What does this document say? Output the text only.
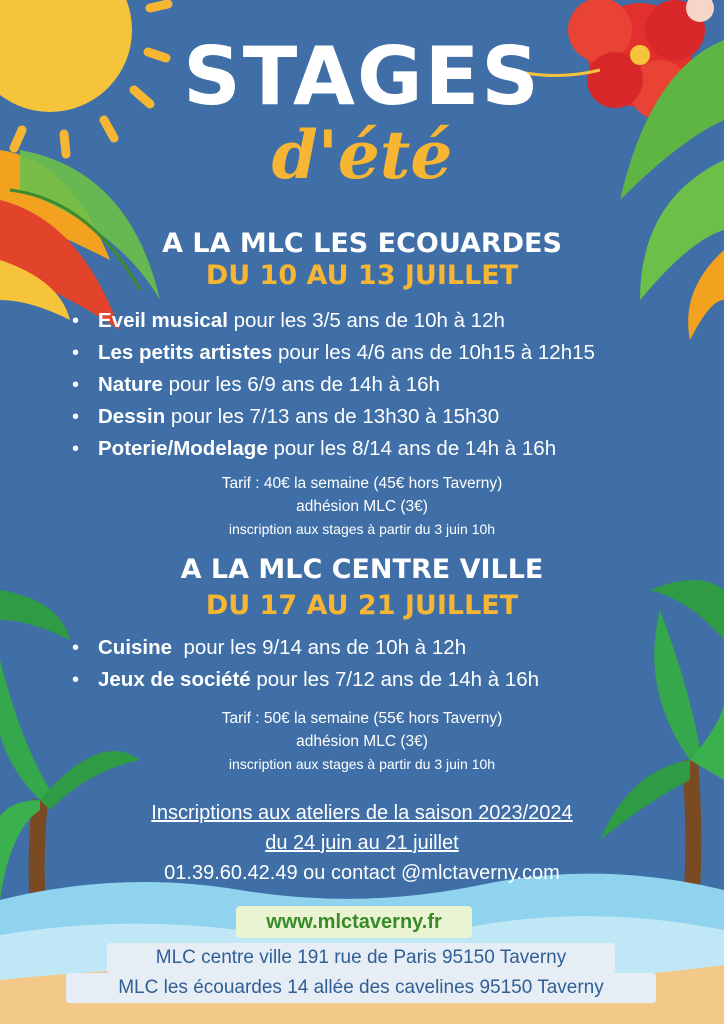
STAGES
d'été
A LA MLC LES ECOUARDES
DU 10 AU 13 JUILLET
• Eveil musical pour les 3/5 ans de 10h à 12h
• Les petits artistes pour les 4/6 ans de 10h15 à 12h15
• Nature pour les 6/9 ans de 14h à 16h
• Dessin pour les 7/13 ans de 13h30 à 15h30
• Poterie/Modelage pour les 8/14 ans de 14h à 16h
Tarif : 40€ la semaine (45€ hors Taverny)
adhésion MLC (3€)
inscription aux stages à partir du 3 juin 10h
A LA MLC CENTRE VILLE
DU 17 AU 21 JUILLET
• Cuisine  pour les 9/14 ans de 10h à 12h
• Jeux de société pour les 7/12 ans de 14h à 16h
Tarif : 50€ la semaine (55€ hors Taverny)
adhésion MLC (3€)
inscription aux stages à partir du 3 juin 10h
Inscriptions aux ateliers de la saison 2023/2024
du 24 juin au 21 juillet
01.39.60.42.49 ou contact @mlctaverny.com
www.mlctaverny.fr
MLC centre ville 191 rue de Paris 95150 Taverny
MLC les écouardes 14 allée des cavelines 95150 Taverny
